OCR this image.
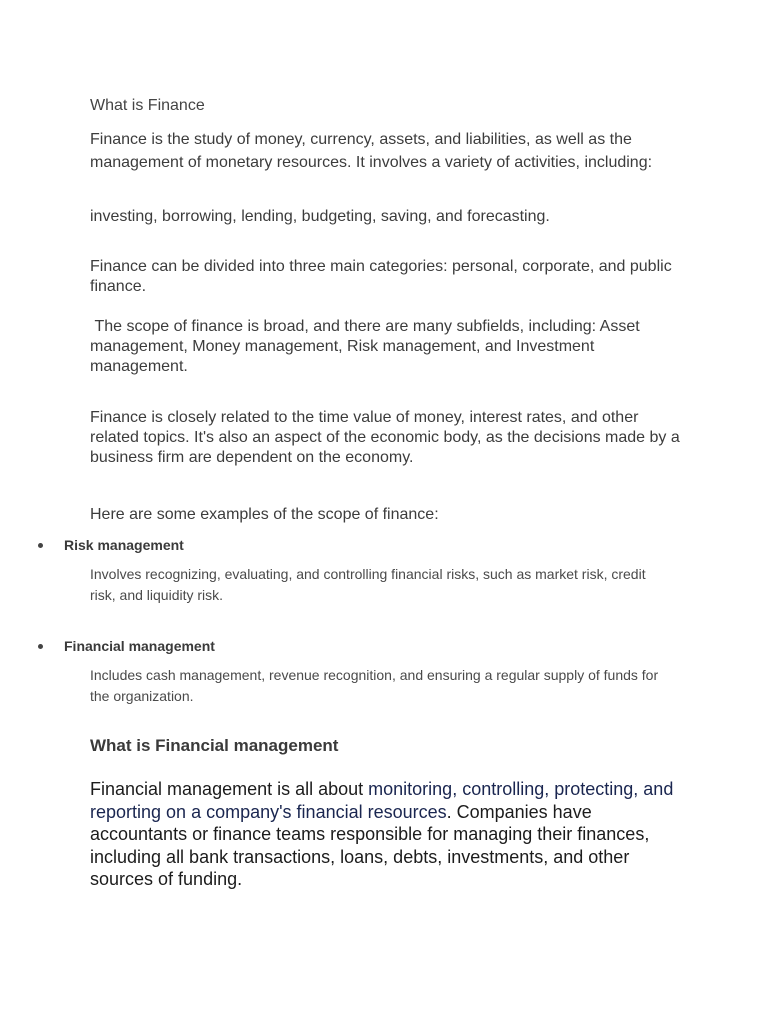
What is Finance

Finance is the study of money, currency, assets, and liabilities, as well as the management of monetary resources. It involves a variety of activities, including:

investing, borrowing, lending, budgeting, saving, and forecasting.

Finance can be divided into three main categories: personal, corporate, and public finance.

The scope of finance is broad, and there are many subfields, including: Asset management, Money management, Risk management, and Investment management.

Finance is closely related to the time value of money, interest rates, and other related topics. It's also an aspect of the economic body, as the decisions made by a business firm are dependent on the economy.

Here are some examples of the scope of finance:

Risk management

Involves recognizing, evaluating, and controlling financial risks, such as market risk, credit risk, and liquidity risk.

Financial management

Includes cash management, revenue recognition, and ensuring a regular supply of funds for the organization.

What is Financial management

Financial management is all about monitoring, controlling, protecting, and reporting on a company's financial resources. Companies have accountants or finance teams responsible for managing their finances, including all bank transactions, loans, debts, investments, and other sources of funding.
